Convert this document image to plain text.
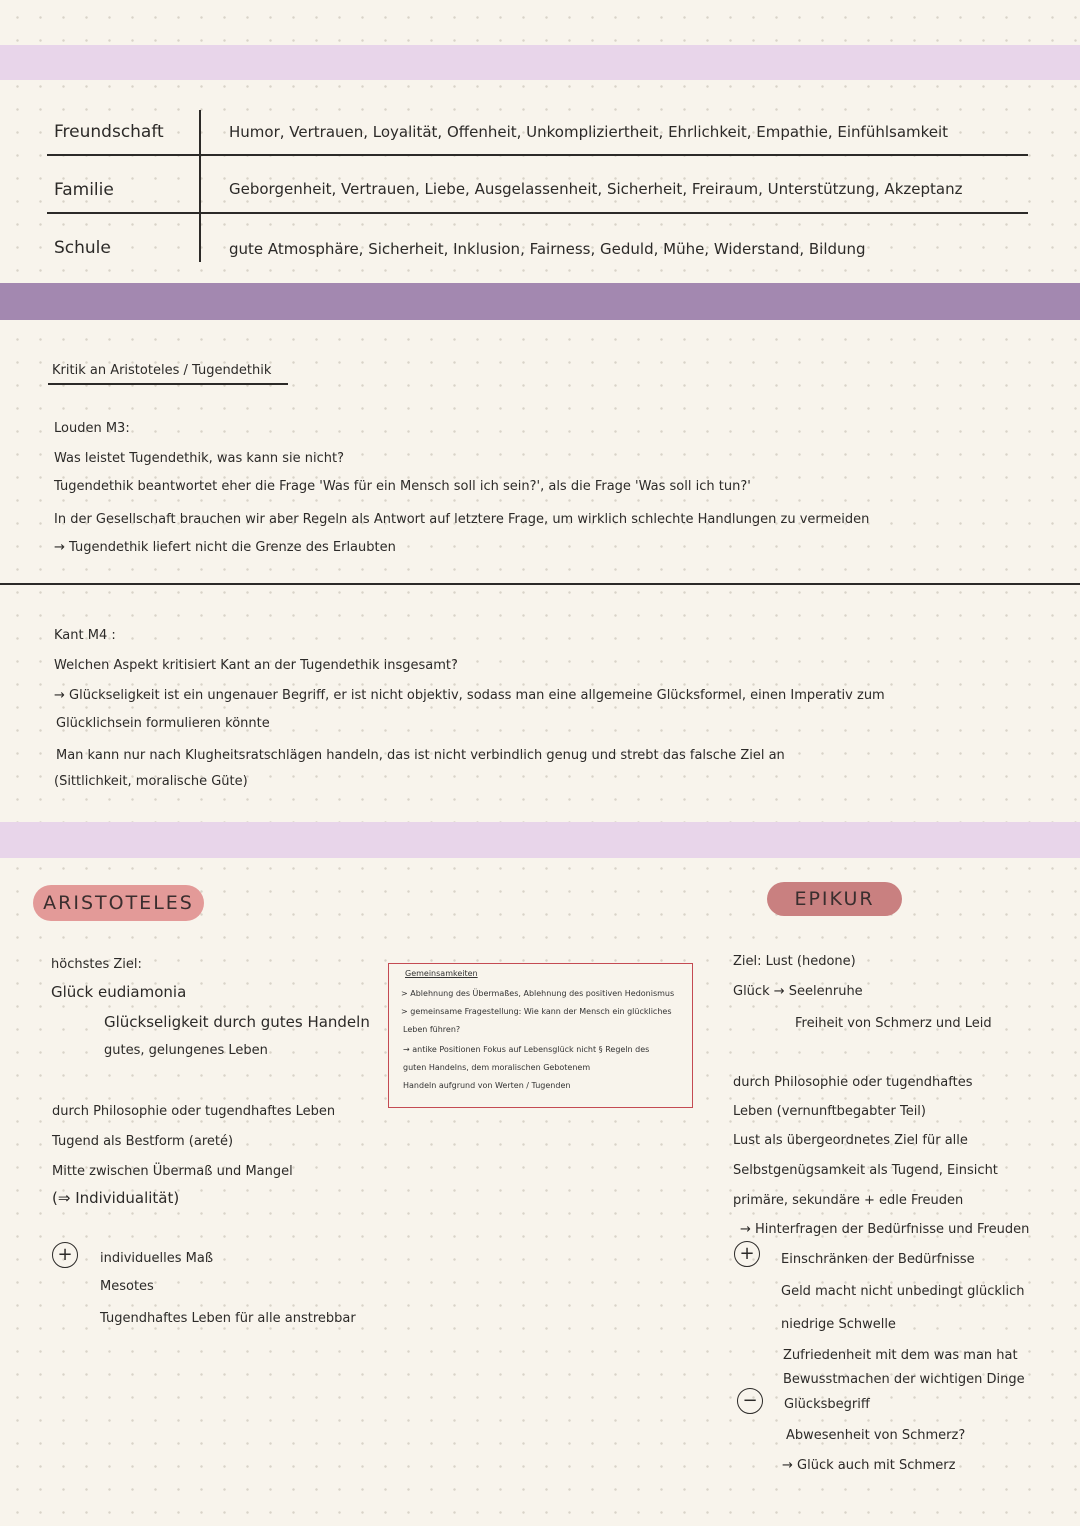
Freundschaft	Humor, Vertrauen, Loyalität, Offenheit, Unkompliziertheit, Ehrlichkeit, Empathie, Einfühlsamkeit
Familie	Geborgenheit, Vertrauen, Liebe, Ausgelassenheit, Sicherheit, Freiraum, Unterstützung, Akzeptanz
Schule	gute Atmosphäre, Sicherheit, Inklusion, Fairness, Geduld, Mühe, Widerstand, Bildung
Kritik an Aristoteles / Tugendethik
Louden M3:
Was leistet Tugendethik, was kann sie nicht?
Tugendethik beantwortet eher die Frage 'Was für ein Mensch soll ich sein?', als die Frage 'Was soll ich tun?'
In der Gesellschaft brauchen wir aber Regeln als Antwort auf letztere Frage, um wirklich schlechte Handlungen zu vermeiden
→ Tugendethik liefert nicht die Grenze des Erlaubten
Kant M4 :
Welchen Aspekt kritisiert Kant an der Tugendethik insgesamt?
→ Glückseligkeit ist ein ungenauer Begriff, er ist nicht objektiv, sodass man eine allgemeine Glücksformel, einen Imperativ zum
Glücklichsein formulieren könnte
Man kann nur nach Klugheitsratschlägen handeln, das ist nicht verbindlich genug und strebt das falsche Ziel an
(Sittlichkeit, moralische Güte)
ARISTOTELES
höchstes Ziel:
Glück eudiamonia
Glückseligkeit durch gutes Handeln
gutes, gelungenes Leben
durch Philosophie oder tugendhaftes Leben
Tugend als Bestform (areté)
Mitte zwischen Übermaß und Mangel
(⇒ Individualität)
+	individuelles Maß
Mesotes
Tugendhaftes Leben für alle anstrebbar
Gemeinsamkeiten
> Ablehnung des Übermaßes, Ablehnung des positiven Hedonismus
> gemeinsame Fragestellung: Wie kann der Mensch ein glückliches
Leben führen?
→ antike Positionen Fokus auf Lebensglück nicht § Regeln des
guten Handelns, dem moralischen Gebotenem
Handeln aufgrund von Werten / Tugenden
EPIKUR
Ziel: Lust (hedone)
Glück → Seelenruhe
Freiheit von Schmerz und Leid
durch Philosophie oder tugendhaftes
Leben (vernunftbegabter Teil)
Lust als übergeordnetes Ziel für alle
Selbstgenügsamkeit als Tugend, Einsicht
primäre, sekundäre + edle Freuden
→ Hinterfragen der Bedürfnisse und Freuden
+	Einschränken der Bedürfnisse
Geld macht nicht unbedingt glücklich
niedrige Schwelle
Zufriedenheit mit dem was man hat
Bewusstmachen der wichtigen Dinge
−	Glücksbegriff
Abwesenheit von Schmerz?
→ Glück auch mit Schmerz
